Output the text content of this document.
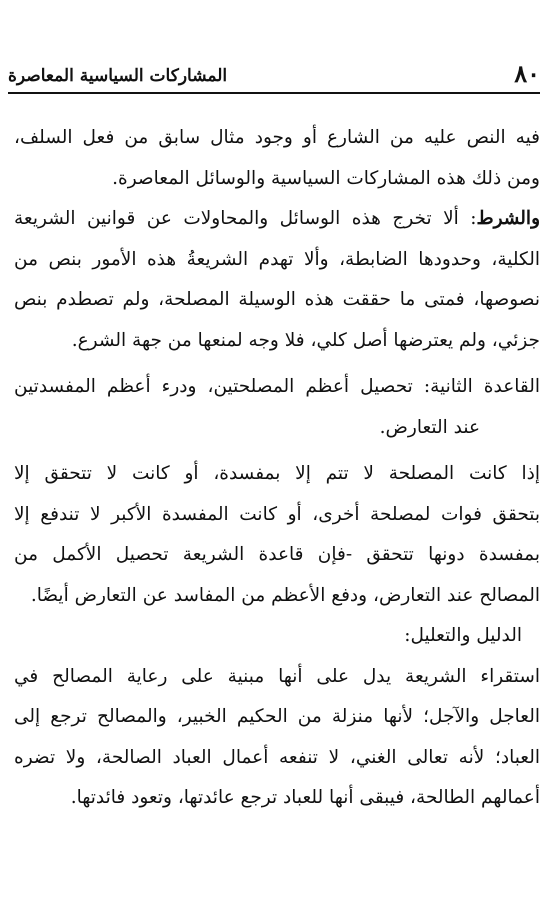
٨٠
المشاركات السياسية المعاصرة
فيه النص عليه من الشارع أو وجود مثال سابق من فعل السلف،
ومن ذلك هذه المشاركات السياسية والوسائل المعاصرة.
والشرط: ألا تخرج هذه الوسائل والمحاولات عن قوانين الشريعة
الكلية، وحدودها الضابطة، وألا تهدم الشريعةُ هذه الأمور بنص من
نصوصها، فمتى ما حققت هذه الوسيلة المصلحة، ولم تصطدم بنص
جزئي، ولم يعترضها أصل كلي، فلا وجه لمنعها من جهة الشرع.
القاعدة الثانية: تحصيل أعظم المصلحتين، ودرء أعظم المفسدتين
عند التعارض.
إذا كانت المصلحة لا تتم إلا بمفسدة، أو كانت لا تتحقق إلا
بتحقق فوات لمصلحة أخرى، أو كانت المفسدة الأكبر لا تندفع إلا
بمفسدة دونها تتحقق -فإن قاعدة الشريعة تحصيل الأكمل من
المصالح عند التعارض، ودفع الأعظم من المفاسد عن التعارض أيضًا.
الدليل والتعليل:
استقراء الشريعة يدل على أنها مبنية على رعاية المصالح في
العاجل والآجل؛ لأنها منزلة من الحكيم الخبير، والمصالح ترجع إلى
العباد؛ لأنه تعالى الغني، لا تنفعه أعمال العباد الصالحة، ولا تضره
أعمالهم الطالحة، فيبقى أنها للعباد ترجع عائدتها، وتعود فائدتها.
